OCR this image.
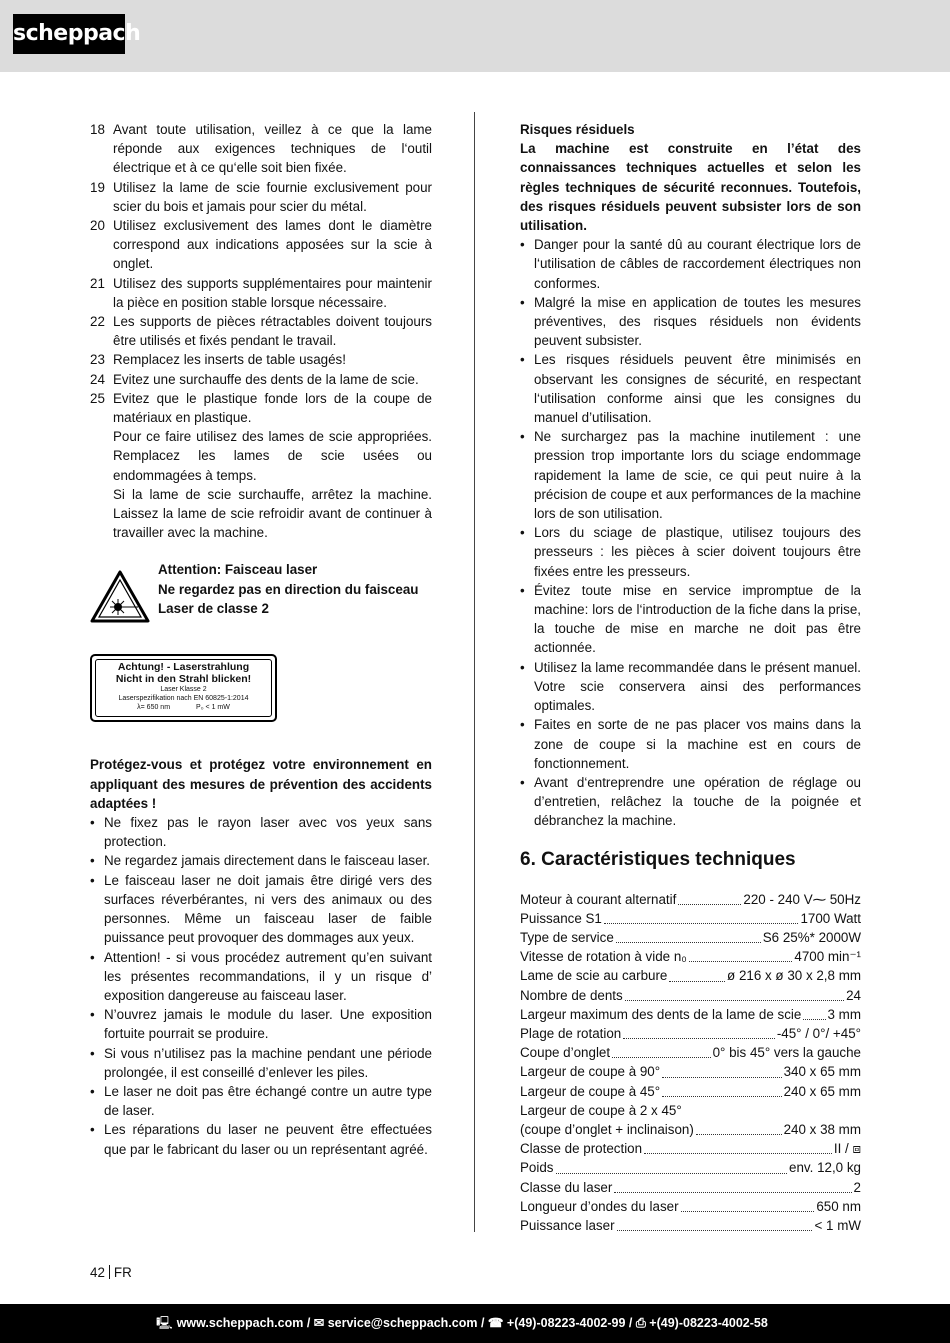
scheppach
18 Avant toute utilisation, veillez à ce que la lame réponde aux exigences techniques de l‘outil électrique et à ce qu‘elle soit bien fixée.
19 Utilisez la lame de scie fournie exclusivement pour scier du bois et jamais pour scier du métal.
20 Utilisez exclusivement des lames dont le diamètre correspond aux indications apposées sur la scie à onglet.
21 Utilisez des supports supplémentaires pour maintenir la pièce en position stable lorsque nécessaire.
22 Les supports de pièces rétractables doivent toujours être utilisés et fixés pendant le travail.
23 Remplacez les inserts de table usagés!
24 Evitez une surchauffe des dents de la lame de scie.
25 Evitez que le plastique fonde lors de la coupe de matériaux en plastique.
Pour ce faire utilisez des lames de scie appropriées. Remplacez les lames de scie usées ou endommagées à temps.
Si la lame de scie surchauffe, arrêtez la machine. Laissez la lame de scie refroidir avant de continuer à travailler avec la machine.
Attention: Faisceau laser
Ne regardez pas en direction du faisceau
Laser de classe 2
Achtung! - Laserstrahlung
Nicht in den Strahl blicken!
Laser Klasse 2
Laserspezifikation nach EN 60825-1:2014
λ= 650 nm	P₀ < 1 mW
Protégez-vous et protégez votre environnement en appliquant des mesures de prévention des accidents adaptées !
• Ne fixez pas le rayon laser avec vos yeux sans protection.
• Ne regardez jamais directement dans le faisceau laser.
• Le faisceau laser ne doit jamais être dirigé vers des surfaces réverbérantes, ni vers des animaux ou des personnes. Même un faisceau laser de faible puissance peut provoquer des dommages aux yeux.
• Attention! - si vous procédez autrement qu’en suivant les présentes recommandations, il y un risque d’ exposition dangereuse au faisceau laser.
• N’ouvrez jamais le module du laser. Une exposition fortuite pourrait se produire.
• Si vous n’utilisez pas la machine pendant une période prolongée, il est conseillé d’enlever les piles.
• Le laser ne doit pas être échangé contre un autre type de laser.
• Les réparations du laser ne peuvent être effectuées que par le fabricant du laser ou un représentant agréé.
Risques résiduels
La machine est construite en l’état des connaissances techniques actuelles et selon les règles techniques de sécurité reconnues. Toutefois, des risques résiduels peuvent subsister lors de son utilisation.
• Danger pour la santé dû au courant électrique lors de l‘utilisation de câbles de raccordement électriques non conformes.
• Malgré la mise en application de toutes les mesures préventives, des risques résiduels non évidents peuvent subsister.
• Les risques résiduels peuvent être minimisés en observant les consignes de sécurité, en respectant l‘utilisation conforme ainsi que les consignes du manuel d’utilisation.
• Ne surchargez pas la machine inutilement : une pression trop importante lors du sciage endommage rapidement la lame de scie, ce qui peut nuire à la précision de coupe et aux performances de la machine lors de son utilisation.
• Lors du sciage de plastique, utilisez toujours des presseurs : les pièces à scier doivent toujours être fixées entre les presseurs.
• Évitez toute mise en service impromptue de la machine: lors de l‘introduction de la fiche dans la prise, la touche de mise en marche ne doit pas être actionnée.
• Utilisez la lame recommandée dans le présent manuel. Votre scie conservera ainsi des performances optimales.
• Faites en sorte de ne pas placer vos mains dans la zone de coupe si la machine est en cours de fonctionnement.
• Avant d‘entreprendre une opération de réglage ou d’entretien, relâchez la touche de la poignée et débranchez la machine.
6. Caractéristiques techniques
Moteur à courant alternatif	220 - 240 V⁓ 50Hz
Puissance S1	1700 Watt
Type de service	S6 25%* 2000W
Vitesse de rotation à vide n₀	4700 min⁻¹
Lame de scie au carbure	ø 216 x ø 30 x 2,8 mm
Nombre de dents	24
Largeur maximum des dents de la lame de scie 3 mm
Plage de rotation	-45° / 0°/ +45°
Coupe d’onglet	0° bis 45° vers la gauche
Largeur de coupe à 90°	340 x 65 mm
Largeur de coupe à 45°	240 x 65 mm
Largeur de coupe à 2 x 45°
(coupe d’onglet + inclinaison)	240 x 38 mm
Classe de protection	II / ⧈
Poids	env. 12,0 kg
Classe du laser	2
Longueur d’ondes du laser	650 nm
Puissance laser	< 1 mW
42 FR
🖳 www.scheppach.com / ✉ service@scheppach.com / ☎ +(49)-08223-4002-99 / ⎙ +(49)-08223-4002-58
